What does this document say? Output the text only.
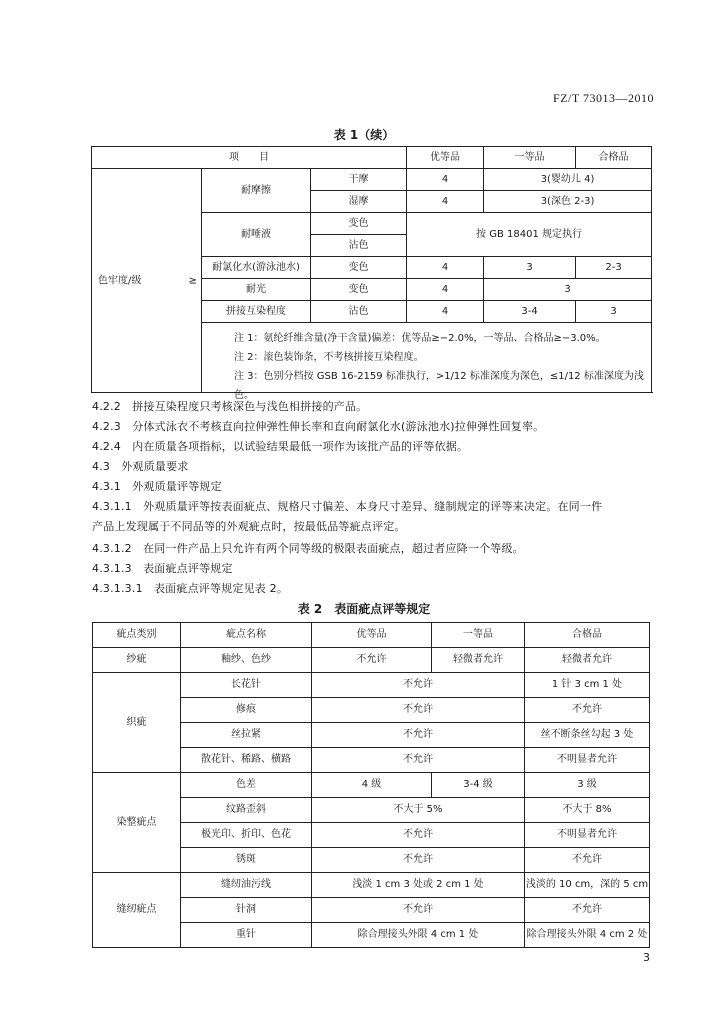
FZ/T 73013—2010
表 1（续）
项　　目			优等品	一等品	合格品

色牢度/级 ≥	耐摩擦	干摩	4	3(婴幼儿 4)	
		湿摩	4	3(深色 2-3)	
	耐唾液	变色	按 GB 18401 规定执行		
		沾色			
	耐氯化水(游泳池水)	变色	4	3	2-3
	耐光	变色	4	3	
	拼接互染程度	沾色	4	3-4	3

	注 1：氨纶纤维含量(净干含量)偏差：优等品≥−2.0%，一等品、合格品≥−3.0%。
注 2：滚色装饰条，不考核拼接互染程度。
注 3：色别分档按 GSB 16-2159 标准执行，>1/12 标准深度为深色，≤1/12 标准深度为浅色。				
4.2.2　拼接互染程度只考核深色与浅色相拼接的产品。
4.2.3　分体式泳衣不考核直向拉伸弹性伸长率和直向耐氯化水(游泳池水)拉伸弹性回复率。
4.2.4　内在质量各项指标，以试验结果最低一项作为该批产品的评等依据。
4.3　外观质量要求
4.3.1　外观质量评等规定
4.3.1.1　外观质量评等按表面疵点、规格尺寸偏差、本身尺寸差异、缝制规定的评等来决定。在同一件
产品上发现属于不同品等的外观疵点时，按最低品等疵点评定。
4.3.1.2　在同一件产品上只允许有两个同等级的极限表面疵点，超过者应降一个等级。
4.3.1.3　表面疵点评等规定
4.3.1.3.1　表面疵点评等规定见表 2。
表 2　表面疵点评等规定
疵点类别	疵点名称	优等品	一等品	合格品
纱疵	釉纱、色纱	不允许	轻微者允许	轻微者允许
织疵	长花针	不允许		1 针 3 cm 1 处
	修痕	不允许		不允许
	丝拉紧	不允许		丝不断条丝勾起 3 处
	散花针、稀路、横路	不允许		不明显者允许
染整疵点	色差	4 级	3-4 级	3 级
	纹路歪斜	不大于 5%		不大于 8%
	极光印、折印、色花	不允许		不明显者允许
	锈斑	不允许		不允许
缝纫疵点	缝纫油污线	浅淡 1 cm 3 处或 2 cm 1 处		浅淡的 10 cm，深的 5 cm
	针洞	不允许		不允许
	重针	除合理接头外限 4 cm 1 处		除合理接头外限 4 cm 2 处
3
